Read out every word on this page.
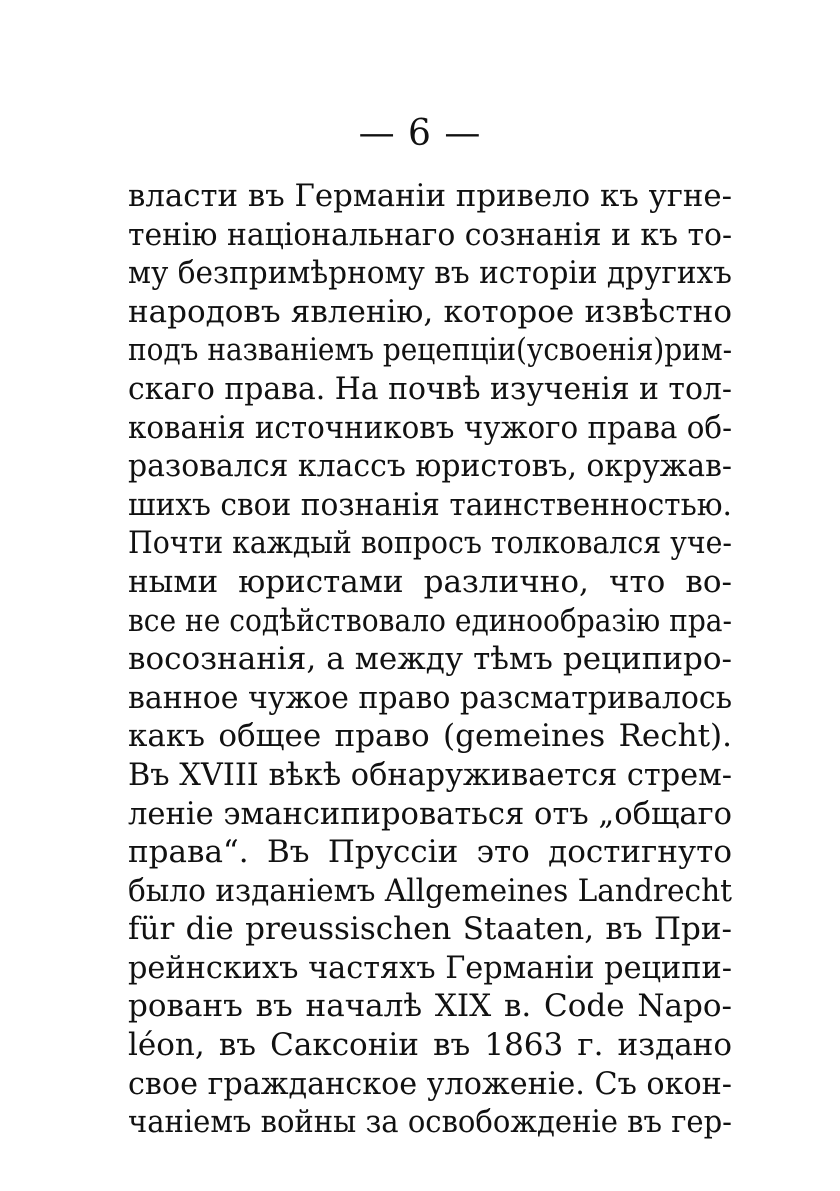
— 6 —
власти въ Германіи привело къ угне-
тенію національнаго сознанія и къ то-
му безпримѣрному въ исторіи другихъ
народовъ явленію, которое извѣстно
подъ названіемъ рецепціи(усвоенія)рим-
скаго права. На почвѣ изученія и тол-
кованія источниковъ чужого права об-
разовался классъ юристовъ, окружав-
шихъ свои познанія таинственностью.
Почти каждый вопросъ толковался уче-
ными юристами различно, что во-
все не содѣйствовало единообразію пра-
восознанія, а между тѣмъ реципиро-
ванное чужое право разсматривалось
какъ общее право (gemeines Recht).
Въ XVIII вѣкѣ обнаруживается стрем-
леніе эмансипироваться отъ „общаго
права“. Въ Пруссіи это достигнуто
было изданіемъ Allgemeines Landrecht
für die preussischen Staaten, въ При-
рейнскихъ частяхъ Германіи реципи-
рованъ въ началѣ XIX в. Code Napo-
léon, въ Саксоніи въ 1863 г. издано
свое гражданское уложеніе. Съ окон-
чаніемъ войны за освобожденіе въ гер-
